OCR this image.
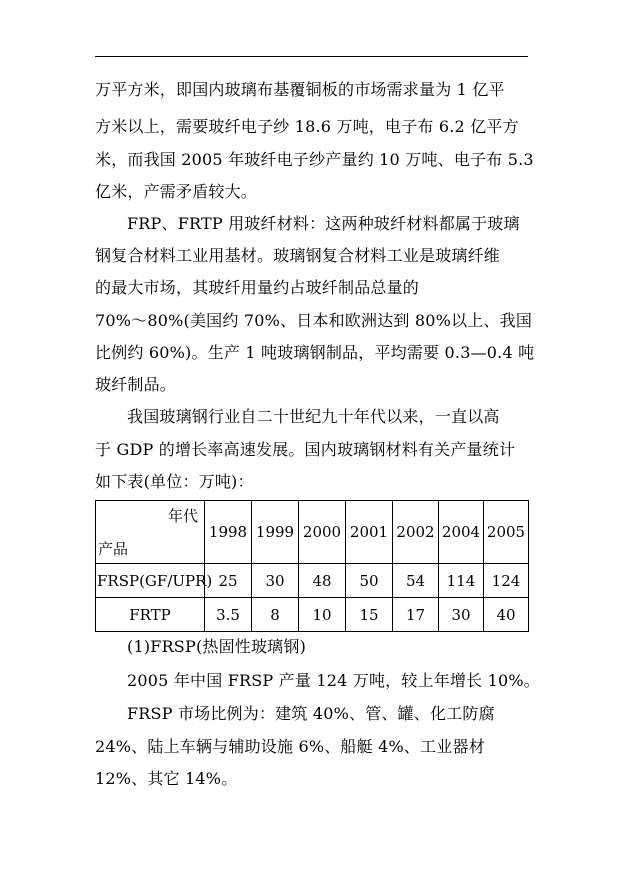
万平方米，即国内玻璃布基覆铜板的市场需求量为 1 亿平
方米以上，需要玻纤电子纱 18.6 万吨，电子布 6.2 亿平方
米，而我国 2005 年玻纤电子纱产量约 10 万吨、电子布 5.3
亿米，产需矛盾较大。
FRP、FRTP 用玻纤材料：这两种玻纤材料都属于玻璃
钢复合材料工业用基材。玻璃钢复合材料工业是玻璃纤维
的最大市场，其玻纤用量约占玻纤制品总量的
70%～80%(美国约 70%、日本和欧洲达到 80%以上、我国
比例约 60%)。生产 1 吨玻璃钢制品，平均需要 0.3—0.4 吨
玻纤制品。
我国玻璃钢行业自二十世纪九十年代以来，一直以高
于 GDP 的增长率高速发展。国内玻璃钢材料有关产量统计
如下表(单位：万吨)：
年代
产品	1998	1999	2000	2001	2002	2004	2005
FRSP(GF/UPR)	25	30	48	50	54	114	124
FRTP	3.5	8	10	15	17	30	40
(1)FRSP(热固性玻璃钢)
2005 年中国 FRSP 产量 124 万吨，较上年增长 10%。
FRSP 市场比例为：建筑 40%、管、罐、化工防腐
24%、陆上车辆与辅助设施 6%、船艇 4%、工业器材
12%、其它 14%。
